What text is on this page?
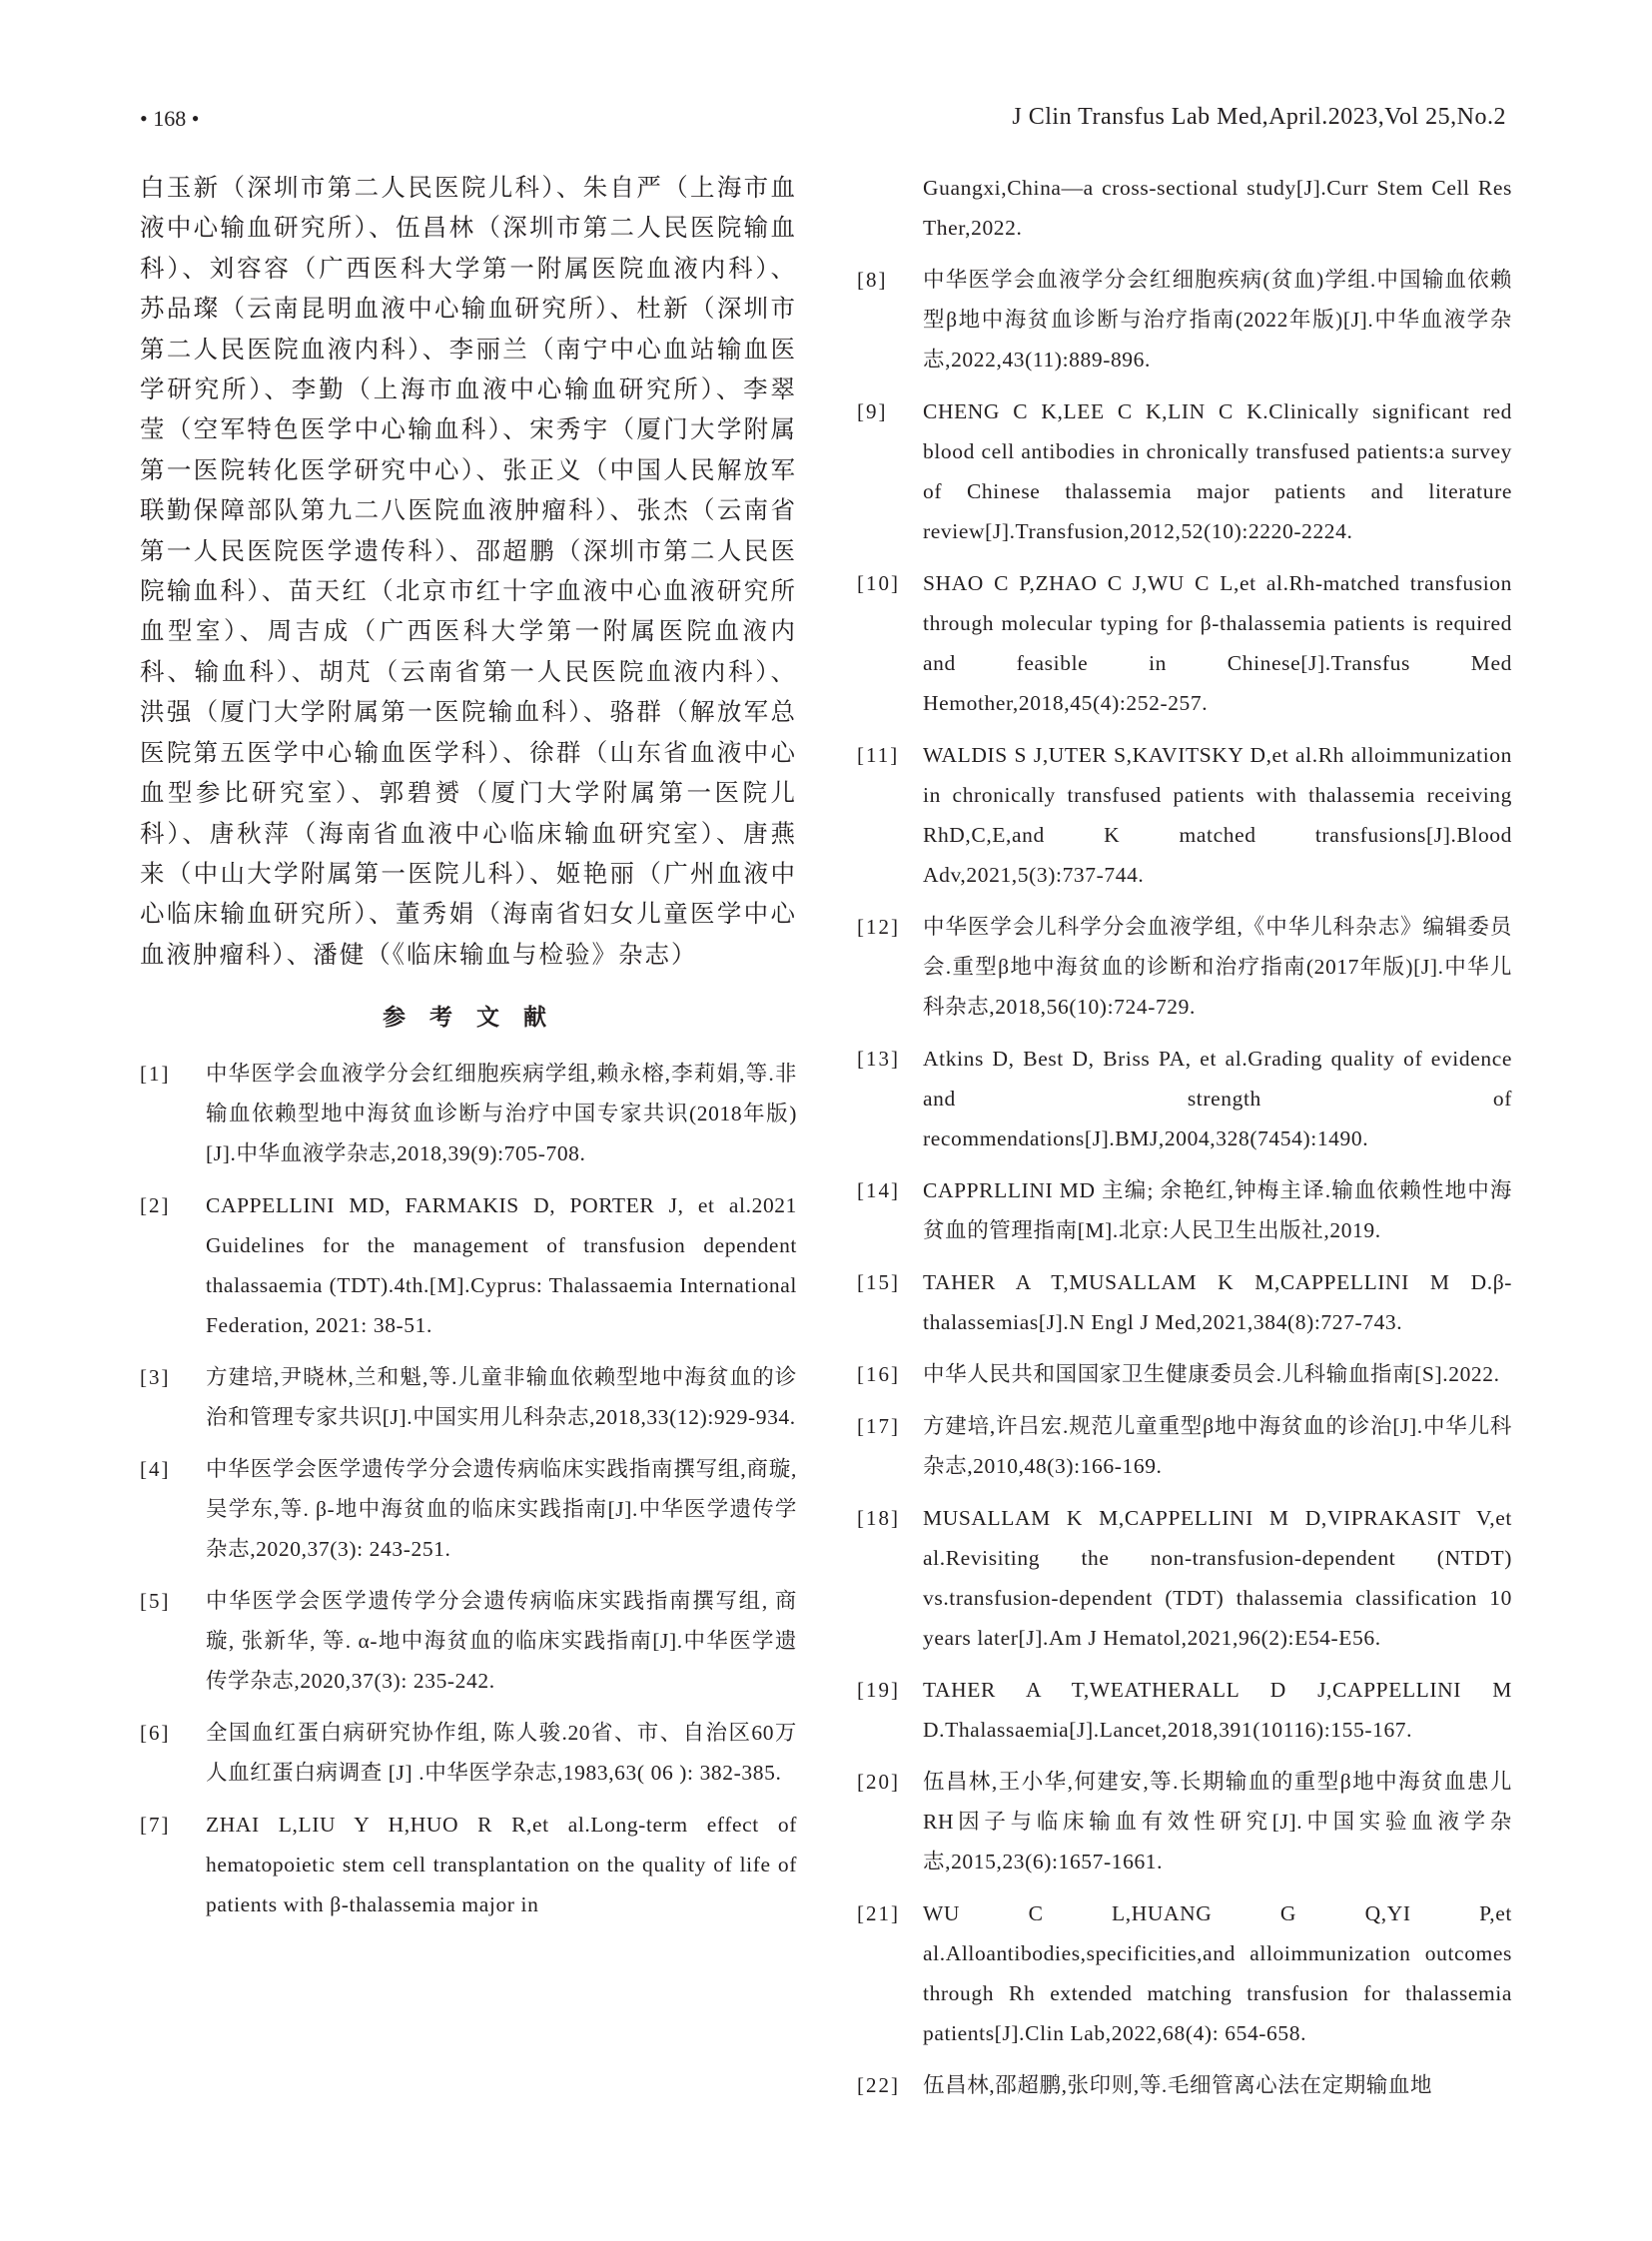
• 168 •	J Clin Transfus Lab Med,April.2023,Vol 25,No.2

白玉新（深圳市第二人民医院儿科）、朱自严（上海市血液中心输血研究所）、伍昌林（深圳市第二人民医院输血科）、刘容容（广西医科大学第一附属医院血液内科）、苏品璨（云南昆明血液中心输血研究所）、杜新（深圳市第二人民医院血液内科）、李丽兰（南宁中心血站输血医学研究所）、李勤（上海市血液中心输血研究所）、李翠莹（空军特色医学中心输血科）、宋秀宇（厦门大学附属第一医院转化医学研究中心）、张正义（中国人民解放军联勤保障部队第九二八医院血液肿瘤科）、张杰（云南省第一人民医院医学遗传科）、邵超鹏（深圳市第二人民医院输血科）、苗天红（北京市红十字血液中心血液研究所血型室）、周吉成（广西医科大学第一附属医院血液内科、输血科）、胡芃（云南省第一人民医院血液内科）、洪强（厦门大学附属第一医院输血科）、骆群（解放军总医院第五医学中心输血医学科）、徐群（山东省血液中心血型参比研究室）、郭碧赟（厦门大学附属第一医院儿科）、唐秋萍（海南省血液中心临床输血研究室）、唐燕来（中山大学附属第一医院儿科）、姬艳丽（广州血液中心临床输血研究所）、董秀娟（海南省妇女儿童医学中心血液肿瘤科）、潘健（《临床输血与检验》杂志）

参 考 文 献
[1]	中华医学会血液学分会红细胞疾病学组,赖永榕,李莉娟,等.非输血依赖型地中海贫血诊断与治疗中国专家共识(2018年版)[J].中华血液学杂志,2018,39(9):705-708.
[2]	CAPPELLINI MD, FARMAKIS D, PORTER J, et al.2021 Guidelines for the management of transfusion dependent thalassaemia (TDT).4th.[M].Cyprus: Thalassaemia International Federation, 2021: 38-51.
[3]	方建培,尹晓林,兰和魁,等.儿童非输血依赖型地中海贫血的诊治和管理专家共识[J].中国实用儿科杂志,2018,33(12):929-934.
[4]	中华医学会医学遗传学分会遗传病临床实践指南撰写组,商璇,吴学东,等. β-地中海贫血的临床实践指南[J].中华医学遗传学杂志,2020,37(3): 243-251.
[5]	中华医学会医学遗传学分会遗传病临床实践指南撰写组, 商璇, 张新华, 等. α-地中海贫血的临床实践指南[J].中华医学遗传学杂志,2020,37(3): 235-242.
[6]	全国血红蛋白病研究协作组, 陈人骏.20省、市、自治区60万人血红蛋白病调查 [J] .中华医学杂志,1983,63( 06 ): 382-385.
[7]	ZHAI L,LIU Y H,HUO R R,et al.Long-term effect of hematopoietic stem cell transplantation on the quality of life of patients with β-thalassemia major in
Guangxi,China—a cross-sectional study[J].Curr Stem Cell Res Ther,2022.
[8]	中华医学会血液学分会红细胞疾病(贫血)学组.中国输血依赖型β地中海贫血诊断与治疗指南(2022年版)[J].中华血液学杂志,2022,43(11):889-896.
[9]	CHENG C K,LEE C K,LIN C K.Clinically significant red blood cell antibodies in chronically transfused patients:a survey of Chinese thalassemia major patients and literature review[J].Transfusion,2012,52(10):2220-2224.
[10]	SHAO C P,ZHAO C J,WU C L,et al.Rh-matched transfusion through molecular typing for β-thalassemia patients is required and feasible in Chinese[J].Transfus Med Hemother,2018,45(4):252-257.
[11]	WALDIS S J,UTER S,KAVITSKY D,et al.Rh alloimmunization in chronically transfused patients with thalassemia receiving RhD,C,E,and K matched transfusions[J].Blood Adv,2021,5(3):737-744.
[12]	中华医学会儿科学分会血液学组,《中华儿科杂志》编辑委员会.重型β地中海贫血的诊断和治疗指南(2017年版)[J].中华儿科杂志,2018,56(10):724-729.
[13]	Atkins D, Best D, Briss PA, et al.Grading quality of evidence and strength of recommendations[J].BMJ,2004,328(7454):1490.
[14]	CAPPRLLINI MD 主编; 余艳红,钟梅主译.输血依赖性地中海贫血的管理指南[M].北京:人民卫生出版社,2019.
[15]	TAHER A T,MUSALLAM K M,CAPPELLINI M D.β-thalassemias[J].N Engl J Med,2021,384(8):727-743.
[16]	中华人民共和国国家卫生健康委员会.儿科输血指南[S].2022.
[17]	方建培,许吕宏.规范儿童重型β地中海贫血的诊治[J].中华儿科杂志,2010,48(3):166-169.
[18]	MUSALLAM K M,CAPPELLINI M D,VIPRAKASIT V,et al.Revisiting the non-transfusion-dependent (NTDT) vs.transfusion-dependent (TDT) thalassemia classification 10 years later[J].Am J Hematol,2021,96(2):E54-E56.
[19]	TAHER A T,WEATHERALL D J,CAPPELLINI M D.Thalassaemia[J].Lancet,2018,391(10116):155-167.
[20]	伍昌林,王小华,何建安,等.长期输血的重型β地中海贫血患儿RH因子与临床输血有效性研究[J].中国实验血液学杂志,2015,23(6):1657-1661.
[21]	WU C L,HUANG G Q,YI P,et al.Alloantibodies,specificities,and alloimmunization outcomes through Rh extended matching transfusion for thalassemia patients[J].Clin Lab,2022,68(4): 654-658.
[22]	伍昌林,邵超鹏,张印则,等.毛细管离心法在定期输血地
